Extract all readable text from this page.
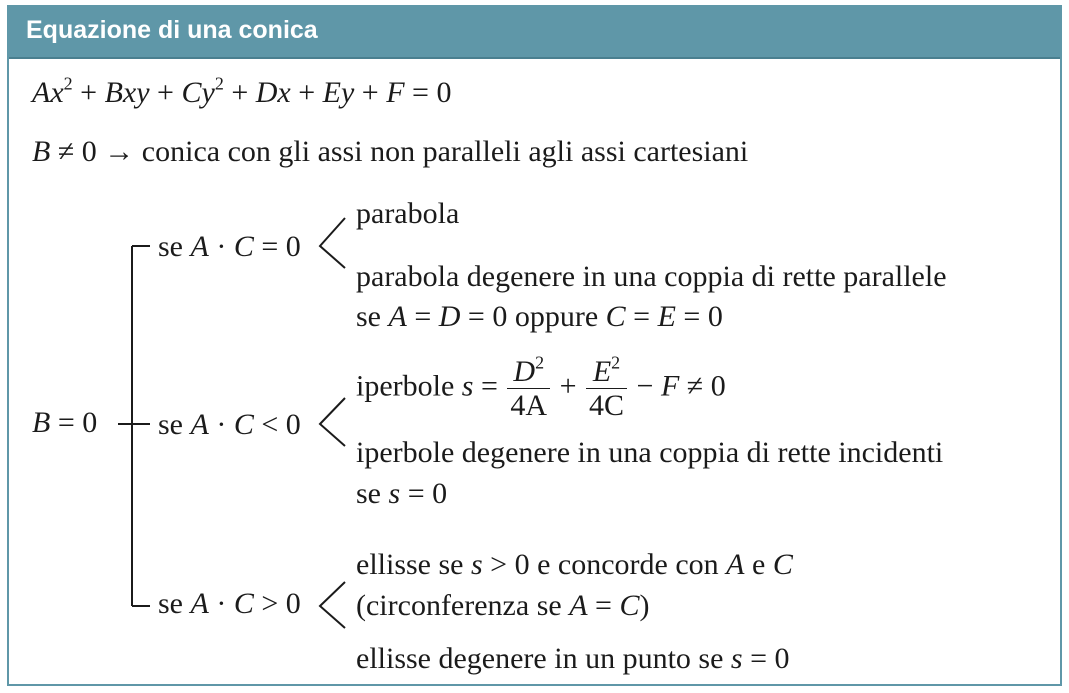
Equazione di una conica
$Ax^2$ + Bxy + $Cy^2 + Dx + Ey + F = 0$
B ≠ 0 → conica con gli assi non paralleli agli assi cartesiani
B = 0
se A · C = 0
parabola
parabola degenere in una coppia di rette parallele
se A = D = 0 oppure C = E = 0
se A · C < 0
iperbole $s = \frac{D^2}{4A} + \frac{E^2}{4C} - F \ne 0$
iperbole degenere in una coppia di rette incidenti
se s = 0
se A · C > 0
ellisse se s > 0 e concorde con A e C
(circonferenza se A = C)
ellisse degenere in un punto se s = 0
